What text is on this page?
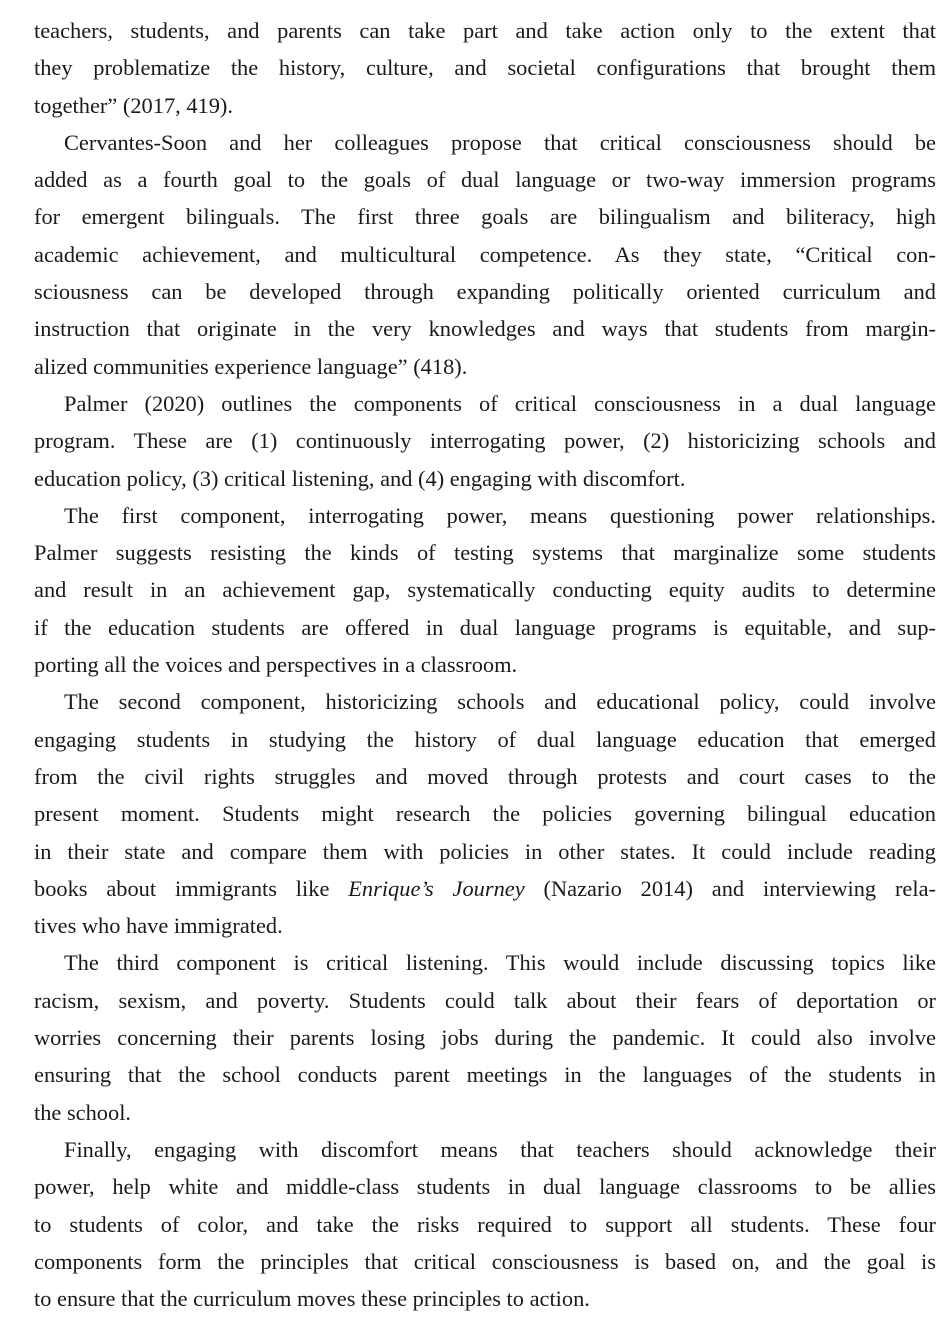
teachers, students, and parents can take part and take action only to the extent that
they problematize the history, culture, and societal configurations that brought them
together” (2017, 419).
Cervantes-Soon and her colleagues propose that critical consciousness should be
added as a fourth goal to the goals of dual language or two-way immersion programs
for emergent bilinguals. The first three goals are bilingualism and biliteracy, high
academic achievement, and multicultural competence. As they state, “Critical con-
sciousness can be developed through expanding politically oriented curriculum and
instruction that originate in the very knowledges and ways that students from margin-
alized communities experience language” (418).
Palmer (2020) outlines the components of critical consciousness in a dual language
program. These are (1) continuously interrogating power, (2) historicizing schools and
education policy, (3) critical listening, and (4) engaging with discomfort.
The first component, interrogating power, means questioning power relationships.
Palmer suggests resisting the kinds of testing systems that marginalize some students
and result in an achievement gap, systematically conducting equity audits to determine
if the education students are offered in dual language programs is equitable, and sup-
porting all the voices and perspectives in a classroom.
The second component, historicizing schools and educational policy, could involve
engaging students in studying the history of dual language education that emerged
from the civil rights struggles and moved through protests and court cases to the
present moment. Students might research the policies governing bilingual education
in their state and compare them with policies in other states. It could include reading
books about immigrants like Enrique’s Journey (Nazario 2014) and interviewing rela-
tives who have immigrated.
The third component is critical listening. This would include discussing topics like
racism, sexism, and poverty. Students could talk about their fears of deportation or
worries concerning their parents losing jobs during the pandemic. It could also involve
ensuring that the school conducts parent meetings in the languages of the students in
the school.
Finally, engaging with discomfort means that teachers should acknowledge their
power, help white and middle-class students in dual language classrooms to be allies
to students of color, and take the risks required to support all students. These four
components form the principles that critical consciousness is based on, and the goal is
to ensure that the curriculum moves these principles to action.
